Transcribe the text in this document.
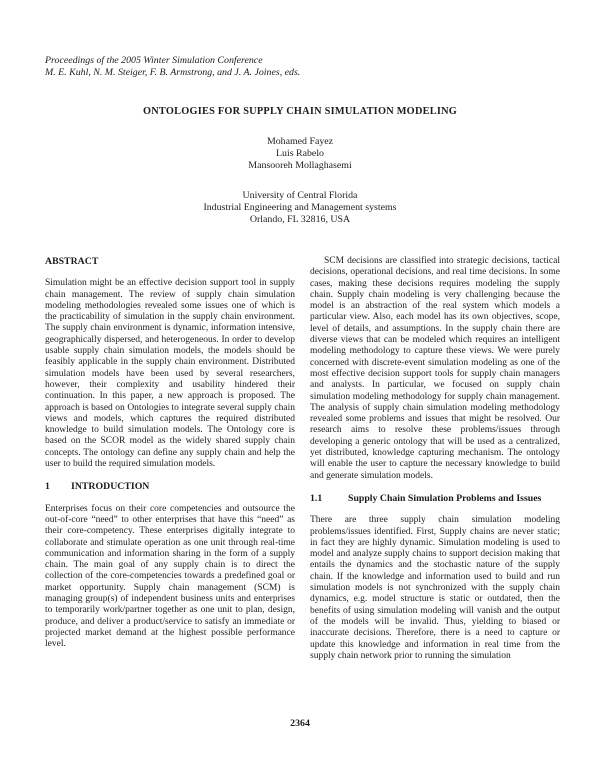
Proceedings of the 2005 Winter Simulation Conference
M. E. Kuhl, N. M. Steiger, F. B. Armstrong, and J. A. Joines, eds.
ONTOLOGIES FOR SUPPLY CHAIN SIMULATION MODELING
Mohamed Fayez
Luis Rabelo
Mansooreh Mollaghasemi
University of Central Florida
Industrial Engineering and Management systems
Orlando, FL 32816, USA
ABSTRACT

Simulation might be an effective decision support tool in supply chain management. The review of supply chain simulation modeling methodologies revealed some issues one of which is the practicability of simulation in the supply chain environment. The supply chain environment is dynamic, information intensive, geographically dispersed, and heterogeneous. In order to develop usable supply chain simulation models, the models should be feasibly applicable in the supply chain environment. Distributed simulation models have been used by several researchers, however, their complexity and usability hindered their continuation. In this paper, a new approach is proposed. The approach is based on Ontologies to integrate several supply chain views and models, which captures the required distributed knowledge to build simulation models. The Ontology core is based on the SCOR model as the widely shared supply chain concepts. The ontology can define any supply chain and help the user to build the required simulation models.

1 INTRODUCTION

Enterprises focus on their core competencies and outsource the out-of-core “need” to other enterprises that have this “need” as their core-competency. These enterprises digitally integrate to collaborate and stimulate operation as one unit through real-time communication and information sharing in the form of a supply chain. The main goal of any supply chain is to direct the collection of the core-competencies towards a predefined goal or market opportunity. Supply chain management (SCM) is managing group(s) of independent business units and enterprises to temporarily work/partner together as one unit to plan, design, produce, and deliver a product/service to satisfy an immediate or projected market demand at the highest possible performance level.

SCM decisions are classified into strategic decisions, tactical decisions, operational decisions, and real time decisions. In some cases, making these decisions requires modeling the supply chain. Supply chain modeling is very challenging because the model is an abstraction of the real system which models a particular view. Also, each model has its own objectives, scope, level of details, and assumptions. In the supply chain there are diverse views that can be modeled which requires an intelligent modeling methodology to capture these views. We were purely concerned with discrete-event simulation modeling as one of the most effective decision support tools for supply chain managers and analysts. In particular, we focused on supply chain simulation modeling methodology for supply chain management. The analysis of supply chain simulation modeling methodology revealed some problems and issues that might be resolved. Our research aims to resolve these problems/issues through developing a generic ontology that will be used as a centralized, yet distributed, knowledge capturing mechanism. The ontology will enable the user to capture the necessary knowledge to build and generate simulation models.

1.1	Supply Chain Simulation Problems and Issues

There are three supply chain simulation modeling problems/issues identified. First, Supply chains are never static; in fact they are highly dynamic. Simulation modeling is used to model and analyze supply chains to support decision making that entails the dynamics and the stochastic nature of the supply chain. If the knowledge and information used to build and run simulation models is not synchronized with the supply chain dynamics, e.g. model structure is static or outdated, then the benefits of using simulation modeling will vanish and the output of the models will be invalid. Thus, yielding to biased or inaccurate decisions. Therefore, there is a need to capture or update this knowledge and information in real time from the supply chain network prior to running the simulation

2364
